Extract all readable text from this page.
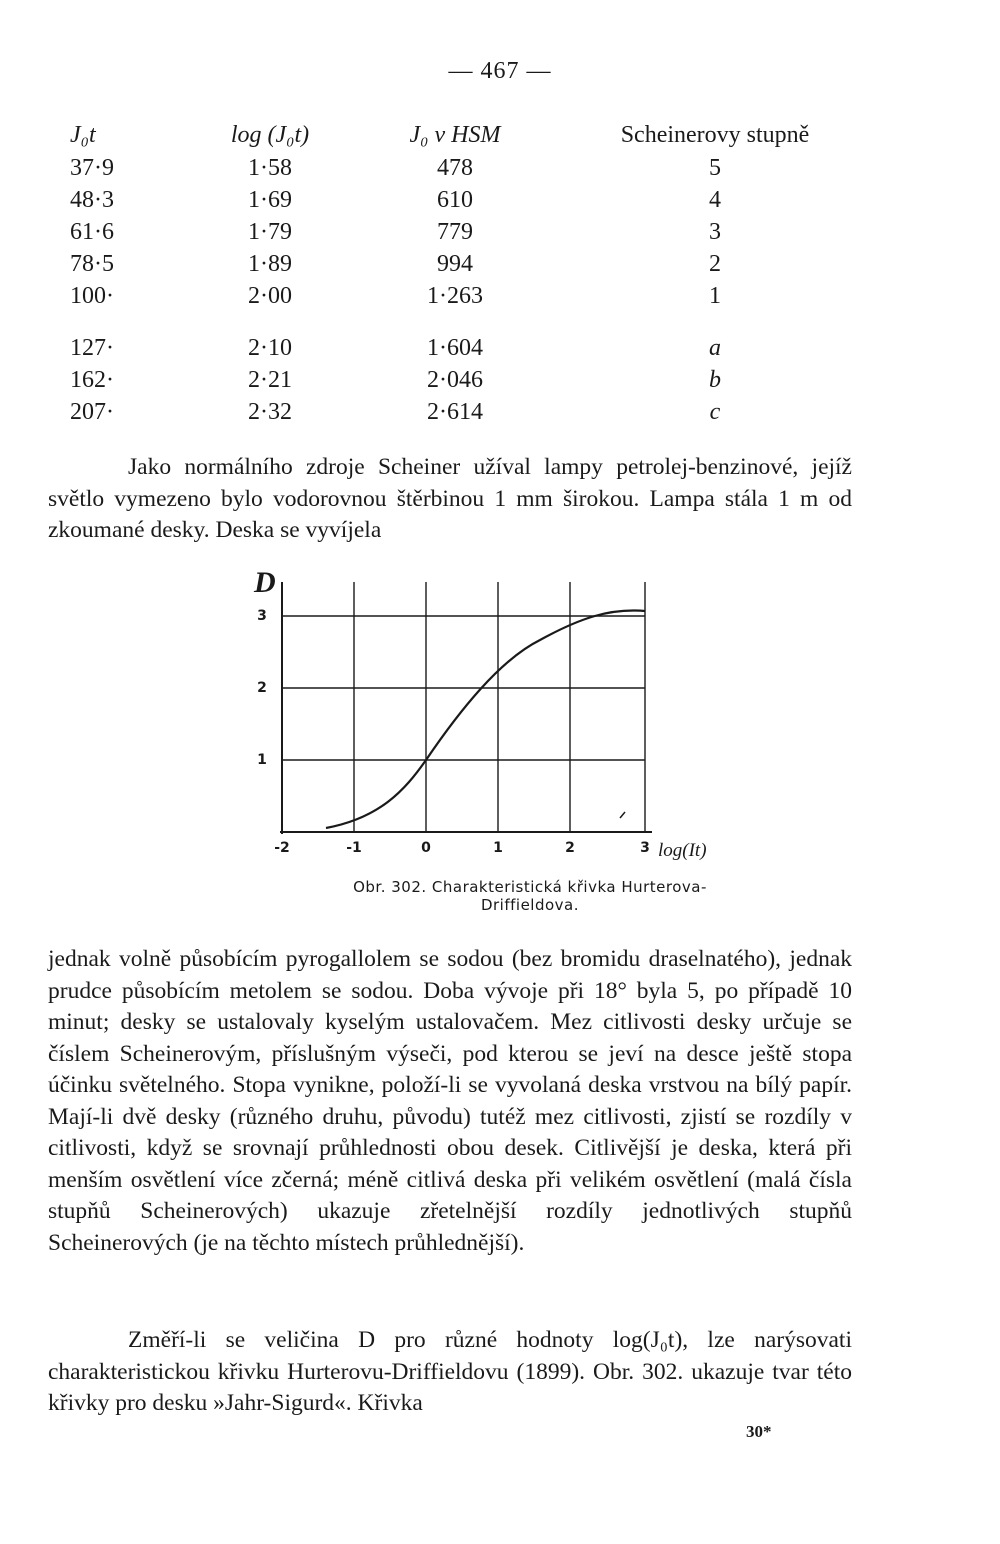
— 467 —
J₀t	log (J₀t)	J₀ v HSM	Scheinerovy stupně
37·9	1·58	478	5
48·3	1·69	610	4
61·6	1·79	779	3
78·5	1·89	994	2
100·	2·00	1·263	1
127·	2·10	1·604	a
162·	2·21	2·046	b
207·	2·32	2·614	c

Jako normálního zdroje Scheiner užíval lampy petrolej-benzinové, jejíž světlo vymezeno bylo vodorovnou štěrbinou 1 mm širokou. Lampa stála 1 m od zkoumané desky. Deska se vyvíjela

3
2
1
-2	-1	0	1	2	3
D
log(It)
Obr. 302. Charakteristická křivka Hurterova-
Driffieldova.

jednak volně působícím pyrogallolem se sodou (bez bromidu draselnatého), jednak prudce působícím metolem se sodou. Doba vývoje při 18° byla 5, po případě 10 minut; desky se ustalovaly kyselým ustalovačem. Mez citlivosti desky určuje se číslem Scheinerovým, příslušným výseči, pod kterou se jeví na desce ještě stopa účinku světelného. Stopa vynikne, položí-li se vyvolaná deska vrstvou na bílý papír. Mají-li dvě desky (různého druhu, původu) tutéž mez citlivosti, zjistí se rozdíly v citlivosti, když se srovnají průhlednosti obou desek. Citlivější je deska, která při menším osvětlení více zčerná; méně citlivá deska při velikém osvětlení (malá čísla stupňů Scheinerových) ukazuje zřetelnější rozdíly jednotlivých stupňů Scheinerových (je na těchto místech průhlednější).

Změří-li se veličina D pro různé hodnoty log(J₀t), lze narýsovati charakteristickou křivku Hurterovu-Driffieldovu (1899). Obr. 302. ukazuje tvar této křivky pro desku »Jahr-Sigurd«. Křivka

30*
